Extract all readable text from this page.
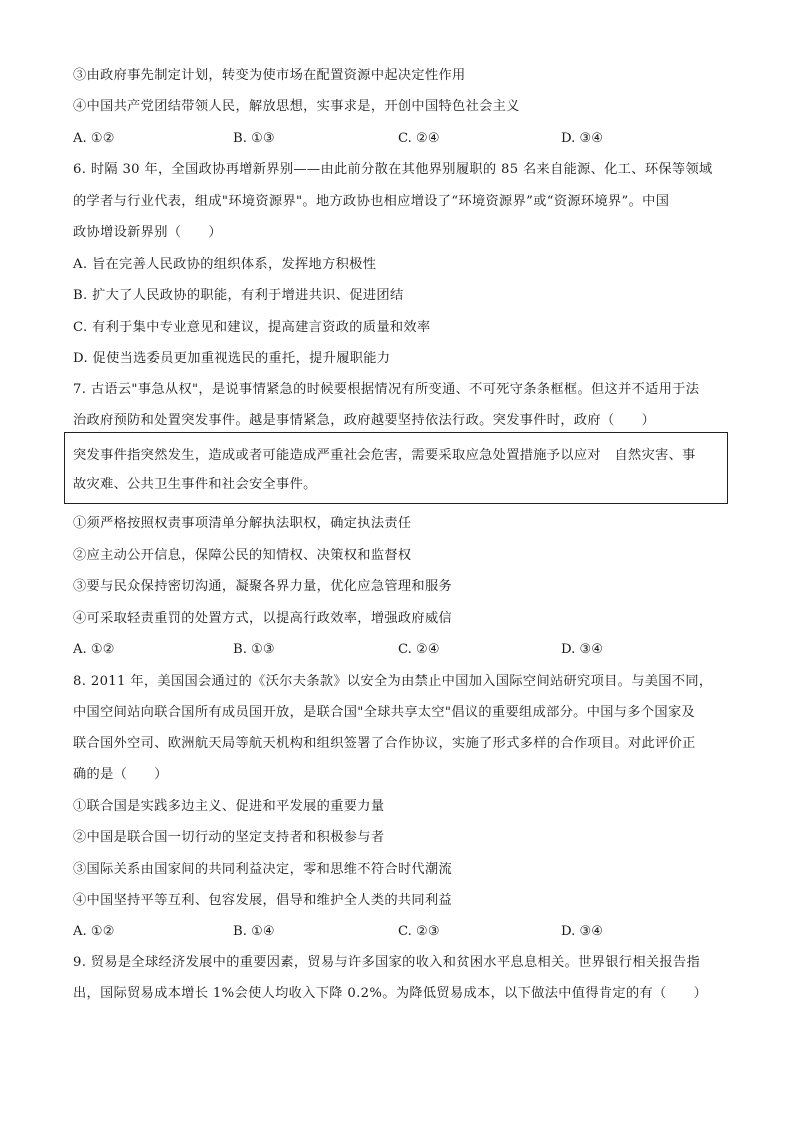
③由政府事先制定计划，转变为使市场在配置资源中起决定性作用
④中国共产党团结带领人民，解放思想，实事求是，开创中国特色社会主义
A. ①②	B. ①③	C. ②④	D. ③④
6. 时隔 30 年，全国政协再增新界别——由此前分散在其他界别履职的 85 名来自能源、化工、环保等领域
的学者与行业代表，组成"环境资源界"。地方政协也相应增设了“环境资源界”或“资源环境界”。中国
政协增设新界别（　　）
A. 旨在完善人民政协的组织体系，发挥地方积极性
B. 扩大了人民政协的职能，有利于增进共识、促进团结
C. 有利于集中专业意见和建议，提高建言资政的质量和效率
D. 促使当选委员更加重视选民的重托，提升履职能力
7. 古语云"事急从权"，是说事情紧急的时候要根据情况有所变通、不可死守条条框框。但这并不适用于法
治政府预防和处置突发事件。越是事情紧急，政府越要坚持依法行政。突发事件时，政府（　　）
突发事件指突然发生，造成或者可能造成严重社会危害，需要采取应急处置措施予以应对　自然灾害、事
故灾难、公共卫生事件和社会安全事件。
①须严格按照权责事项清单分解执法职权，确定执法责任
②应主动公开信息，保障公民的知情权、决策权和监督权
③要与民众保持密切沟通，凝聚各界力量，优化应急管理和服务
④可采取轻责重罚的处置方式，以提高行政效率，增强政府威信
A. ①②	B. ①③	C. ②④	D. ③④
8. 2011 年，美国国会通过的《沃尔夫条款》以安全为由禁止中国加入国际空间站研究项目。与美国不同，
中国空间站向联合国所有成员国开放，是联合国"全球共享太空"倡议的重要组成部分。中国与多个国家及
联合国外空司、欧洲航天局等航天机构和组织签署了合作协议，实施了形式多样的合作项目。对此评价正
确的是（　　）
①联合国是实践多边主义、促进和平发展的重要力量
②中国是联合国一切行动的坚定支持者和积极参与者
③国际关系由国家间的共同利益决定，零和思维不符合时代潮流
④中国坚持平等互利、包容发展，倡导和维护全人类的共同利益
A. ①②	B. ①④	C. ②③	D. ③④
9. 贸易是全球经济发展中的重要因素，贸易与许多国家的收入和贫困水平息息相关。世界银行相关报告指
出，国际贸易成本增长 1%会使人均收入下降 0.2%。为降低贸易成本，以下做法中值得肯定的有（　　）
